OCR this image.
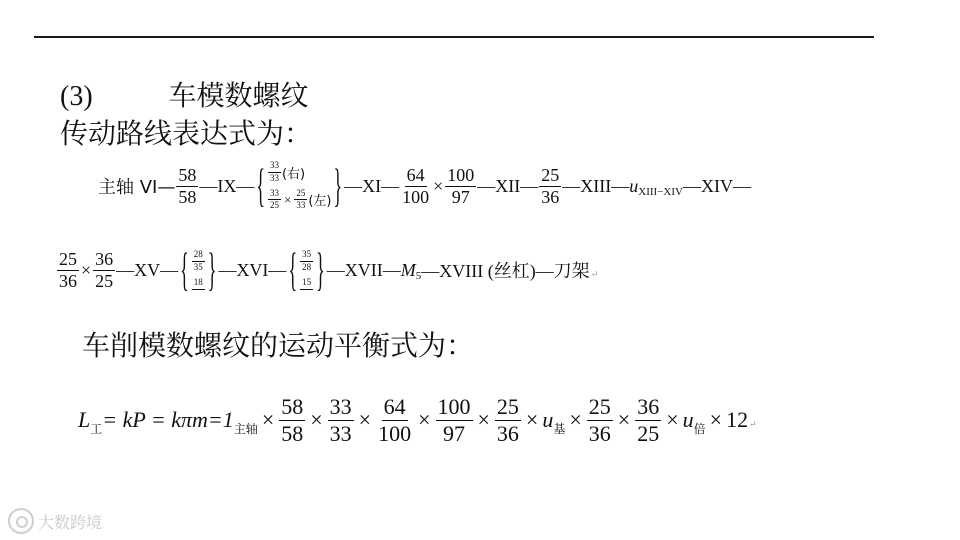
(3)	车模数螺纹
传动路线表达式为：
主轴 VI— $\frac{58}{58}$ —IX— { $\frac{33}{33}$ (右)
$\frac{33}{25} \times \frac{25}{33}$ (左) } —XI— $\frac{64}{100} \times \frac{100}{97}$ —XII— $\frac{25}{36}$ —XIII— u XIII−XIV —XIV—
$\frac{25}{36} \times \frac{36}{25}$ —XV— { $\frac{28}{35}$
18 } —XVI— { $\frac{35}{28}$
15 } —XVII— M 5 —XVIII (丝杠)—刀架 ↵
车削模数螺纹的运动平衡式为：
L 工 = kP = kπm=1 主轴 × $\frac{58}{58} \times \frac{33}{33} \times \frac{64}{100} \times \frac{100}{97} \times \frac{25}{36} \times u$ 基 × $\frac{25}{36} \times \frac{36}{25} \times u$ 倍 × 12 ↵
大数跨境
